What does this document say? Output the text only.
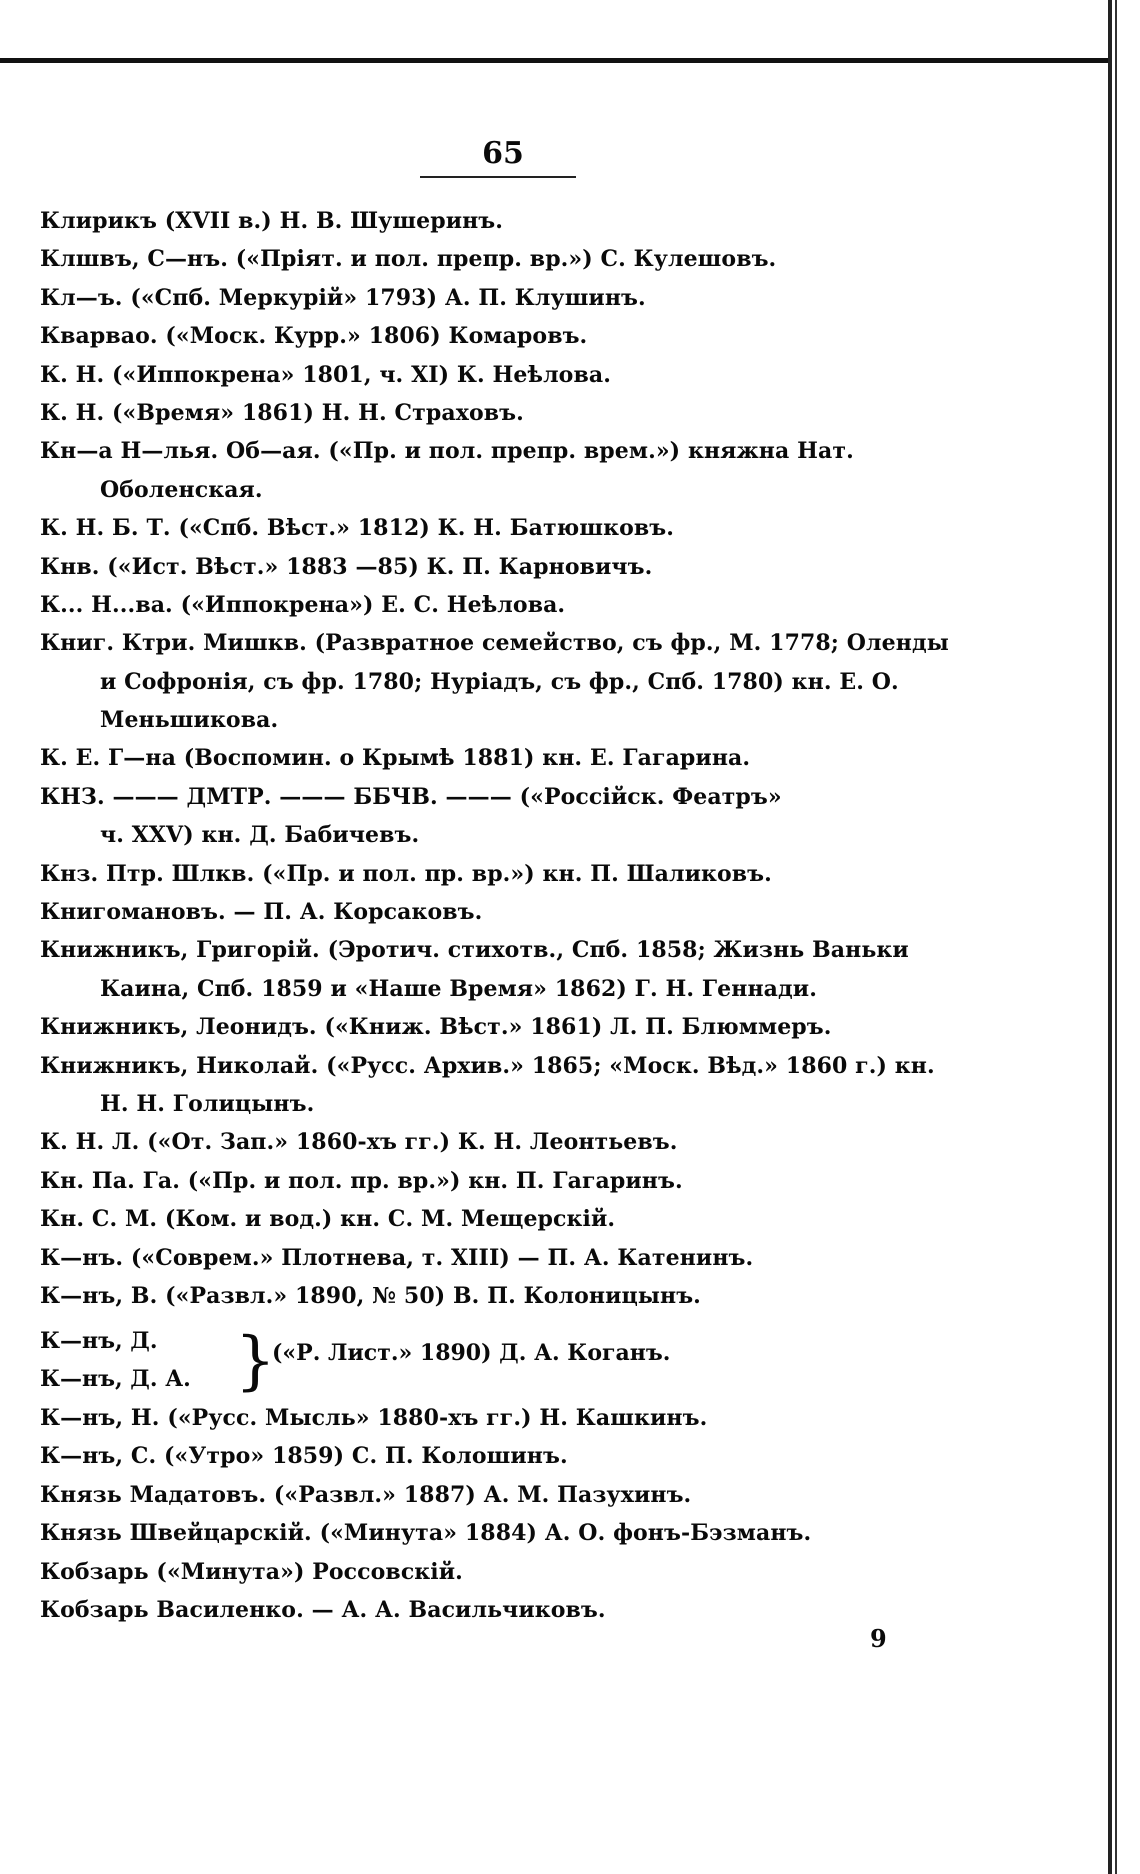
65
Клирикъ (XVII в.) Н. В. Шушеринъ.
Клшвъ, С—нъ. («Пріят. и пол. препр. вр.») С. Кулешовъ.
Кл—ъ. («Спб. Меркурій» 1793) А. П. Клушинъ.
Кварвао. («Моск. Курр.» 1806) Комаровъ.
К. Н. («Иппокрена» 1801, ч. XI) К. Неѣлова.
К. Н. («Время» 1861) Н. Н. Страховъ.
Кн—а Н—лья. Об—ая. («Пр. и пол. препр. врем.») княжна Нат.
Оболенская.
К. Н. Б. Т. («Спб. Вѣст.» 1812) К. Н. Батюшковъ.
Кнв. («Ист. Вѣст.» 1883 —85) К. П. Карновичъ.
К... Н...ва. («Иппокрена») Е. С. Неѣлова.
Книг. Ктри. Мишкв. (Развратное семейство, съ фр., М. 1778; Оленды
и Софронія, съ фр. 1780; Нуріадъ, съ фр., Спб. 1780) кн. Е. О.
Меньшикова.
К. Е. Г—на (Воспомин. о Крымѣ 1881) кн. Е. Гагарина.
КНЗ. ——— ДМТР. ——— ББЧВ. ——— («Россійск. Феатръ»
ч. XXV) кн. Д. Бабичевъ.
Кнз. Птр. Шлкв. («Пр. и пол. пр. вр.») кн. П. Шаликовъ.
Книгомановъ. — П. А. Корсаковъ.
Книжникъ, Григорій. (Эротич. стихотв., Спб. 1858; Жизнь Ваньки
Каина, Спб. 1859 и «Наше Время» 1862) Г. Н. Геннади.
Книжникъ, Леонидъ. («Книж. Вѣст.» 1861) Л. П. Блюммеръ.
Книжникъ, Николай. («Русс. Архив.» 1865; «Моск. Вѣд.» 1860 г.) кн.
Н. Н. Голицынъ.
К. Н. Л. («От. Зап.» 1860-хъ гг.) К. Н. Леонтьевъ.
Кн. Па. Га. («Пр. и пол. пр. вр.») кн. П. Гагаринъ.
Кн. С. М. (Ком. и вод.) кн. С. М. Мещерскій.
К—нъ. («Соврем.» Плотнева, т. XIII) — П. А. Катенинъ.
К—нъ, В. («Развл.» 1890, № 50) В. П. Колоницынъ.
К—нъ, Д.
К—нъ, Д. А. }
(«Р. Лист.» 1890) Д. А. Коганъ.
К—нъ, Н. («Русс. Мысль» 1880-хъ гг.) Н. Кашкинъ.
К—нъ, С. («Утро» 1859) С. П. Колошинъ.
Князь Мадатовъ. («Развл.» 1887) А. М. Пазухинъ.
Князь Швейцарскій. («Минута» 1884) А. О. фонъ-Бэзманъ.
Кобзарь («Минута») Россовскій.
Кобзарь Василенко. — А. А. Васильчиковъ.
9
